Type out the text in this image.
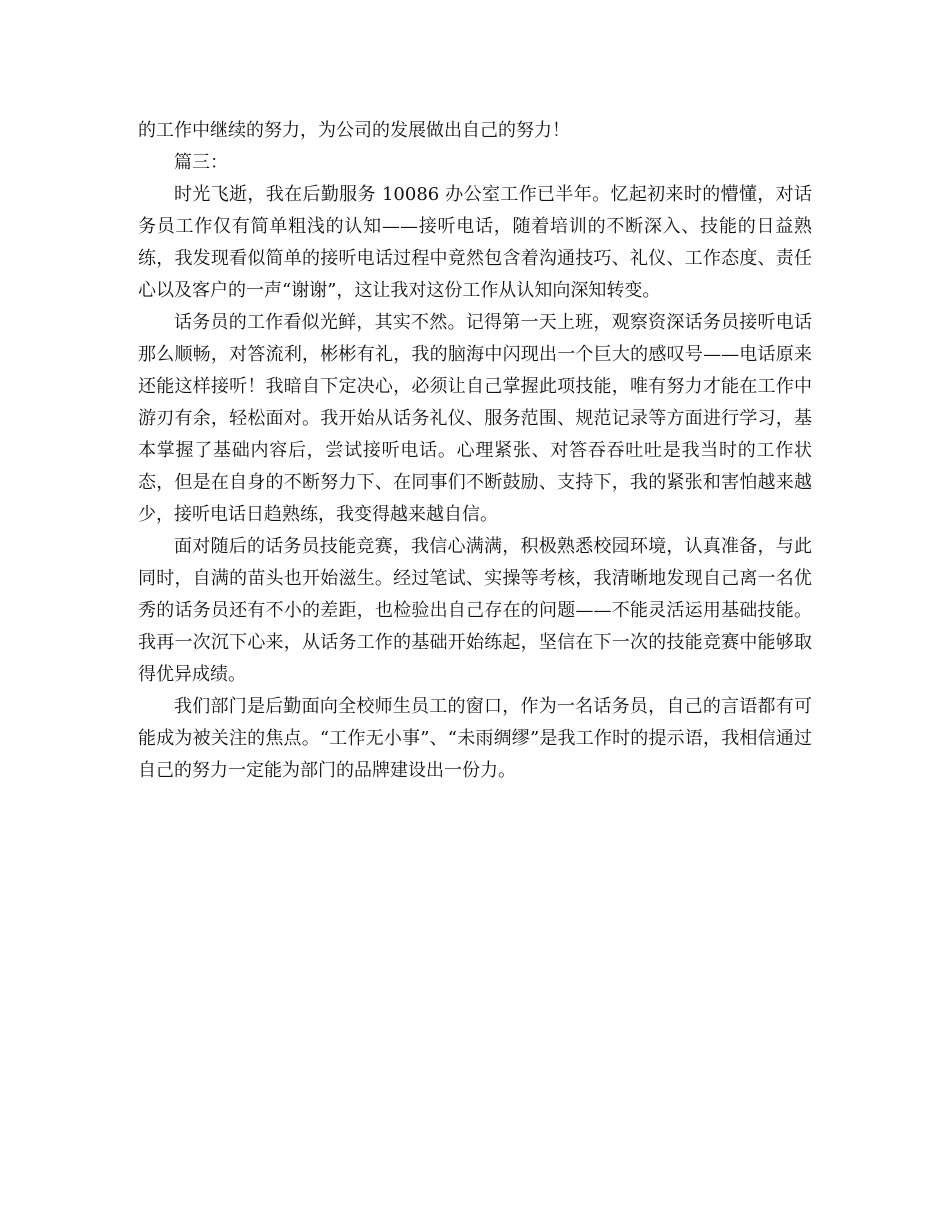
的工作中继续的努力，为公司的发展做出自己的努力！

篇三：

时光飞逝，我在后勤服务 10086 办公室工作已半年。忆起初来时的懵懂，对话务员工作仅有简单粗浅的认知——接听电话，随着培训的不断深入、技能的日益熟练，我发现看似简单的接听电话过程中竟然包含着沟通技巧、礼仪、工作态度、责任心以及客户的一声“谢谢”，这让我对这份工作从认知向深知转变。

话务员的工作看似光鲜，其实不然。记得第一天上班，观察资深话务员接听电话那么顺畅，对答流利，彬彬有礼，我的脑海中闪现出一个巨大的感叹号——电话原来还能这样接听！我暗自下定决心，必须让自己掌握此项技能，唯有努力才能在工作中游刃有余，轻松面对。我开始从话务礼仪、服务范围、规范记录等方面进行学习，基本掌握了基础内容后，尝试接听电话。心理紧张、对答吞吞吐吐是我当时的工作状态，但是在自身的不断努力下、在同事们不断鼓励、支持下，我的紧张和害怕越来越少，接听电话日趋熟练，我变得越来越自信。

面对随后的话务员技能竞赛，我信心满满，积极熟悉校园环境，认真准备，与此同时，自满的苗头也开始滋生。经过笔试、实操等考核，我清晰地发现自己离一名优秀的话务员还有不小的差距，也检验出自己存在的问题——不能灵活运用基础技能。我再一次沉下心来，从话务工作的基础开始练起，坚信在下一次的技能竞赛中能够取得优异成绩。

我们部门是后勤面向全校师生员工的窗口，作为一名话务员，自己的言语都有可能成为被关注的焦点。“工作无小事”、“未雨绸缪”是我工作时的提示语，我相信通过自己的努力一定能为部门的品牌建设出一份力。
